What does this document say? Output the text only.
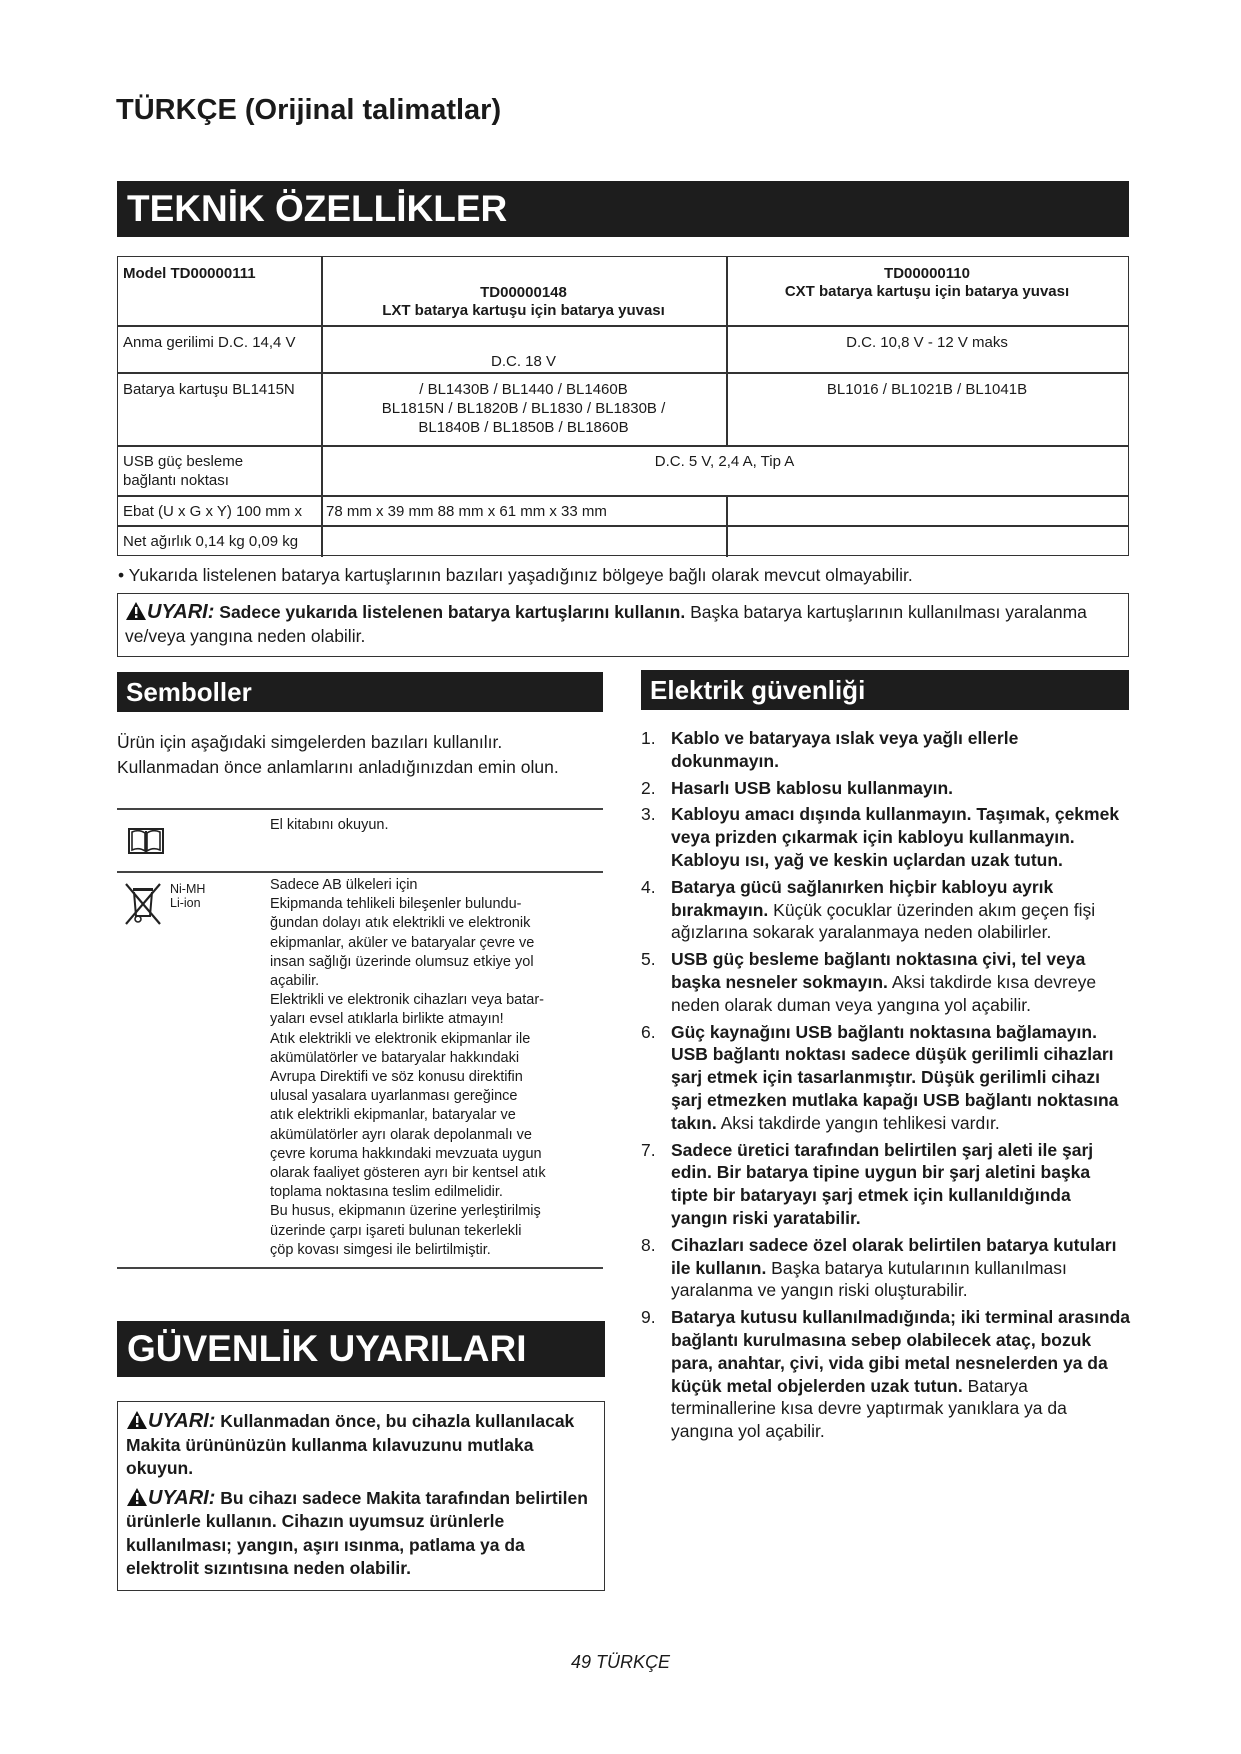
TÜRKÇE (Orijinal talimatlar)
TEKNİK ÖZELLİKLER
Model TD00000111
TD00000148
LXT batarya kartuşu için batarya yuvası
TD00000110
CXT batarya kartuşu için batarya yuvası
Anma gerilimi D.C. 14,4 V
D.C. 18 V
D.C. 10,8 V - 12 V maks
Batarya kartuşu BL1415N	/ BL1430B / BL1440 / BL1460B
BL1815N / BL1820B / BL1830 / BL1830B /
BL1840B / BL1850B / BL1860B
BL1016 / BL1021B / BL1041B
USB güç besleme
bağlantı noktası
D.C. 5 V, 2,4 A, Tip A
Ebat (U x G x Y) 100 mm x 78 mm x 39 mm 88 mm x 61 mm x 33 mm
Net ağırlık 0,14 kg 0,09 kg
• Yukarıda listelenen batarya kartuşlarının bazıları yaşadığınız bölgeye bağlı olarak mevcut olmayabilir.
UYARI: Sadece yukarıda listelenen batarya kartuşlarını kullanın. Başka batarya kartuşlarının kullanılması yaralanma ve/veya yangına neden olabilir.
Semboller
Ürün için aşağıdaki simgelerden bazıları kullanılır. Kullanmadan önce anlamlarını anladığınızdan emin olun.
El kitabını okuyun.
Ni-MH
Li-ion
Sadece AB ülkeleri için
Ekipmanda tehlikeli bileşenler bulundu-
ğundan dolayı atık elektrikli ve elektronik
ekipmanlar, aküler ve bataryalar çevre ve
insan sağlığı üzerinde olumsuz etkiye yol
açabilir.
Elektrikli ve elektronik cihazları veya batar-
yaları evsel atıklarla birlikte atmayın!
Atık elektrikli ve elektronik ekipmanlar ile
akümülatörler ve bataryalar hakkındaki
Avrupa Direktifi ve söz konusu direktifin
ulusal yasalara uyarlanması gereğince
atık elektrikli ekipmanlar, bataryalar ve
akümülatörler ayrı olarak depolanmalı ve
çevre koruma hakkındaki mevzuata uygun
olarak faaliyet gösteren ayrı bir kentsel atık
toplama noktasına teslim edilmelidir.
Bu husus, ekipmanın üzerine yerleştirilmiş
üzerinde çarpı işareti bulunan tekerlekli
çöp kovası simgesi ile belirtilmiştir.
GÜVENLİK UYARILARI

UYARI: Kullanmadan önce, bu cihazla kullanılacak Makita ürününüzün kullanma kılavuzunu mutlaka okuyun.

UYARI: Bu cihazı sadece Makita tarafından belirtilen ürünlerle kullanın. Cihazın uyumsuz ürünlerle kullanılması; yangın, aşırı ısınma, patlama ya da elektrolit sızıntısına neden olabilir.

Elektrik güvenliği
1. Kablo ve bataryaya ıslak veya yağlı ellerle dokunmayın.
2. Hasarlı USB kablosu kullanmayın.
3. Kabloyu amacı dışında kullanmayın. Taşımak, çekmek veya prizden çıkarmak için kabloyu kullanmayın. Kabloyu ısı, yağ ve keskin uçlardan uzak tutun.
4. Batarya gücü sağlanırken hiçbir kabloyu ayrık bırakmayın. Küçük çocuklar üzerinden akım geçen fişi ağızlarına sokarak yaralanmaya neden olabilirler.
5. USB güç besleme bağlantı noktasına çivi, tel veya başka nesneler sokmayın. Aksi takdirde kısa devreye neden olarak duman veya yangına yol açabilir.
6. Güç kaynağını USB bağlantı noktasına bağlamayın. USB bağlantı noktası sadece düşük gerilimli cihazları şarj etmek için tasarlanmıştır. Düşük gerilimli cihazı şarj etmezken mutlaka kapağı USB bağlantı noktasına takın. Aksi takdirde yangın tehlikesi vardır.
7. Sadece üretici tarafından belirtilen şarj aleti ile şarj edin. Bir batarya tipine uygun bir şarj aletini başka tipte bir bataryayı şarj etmek için kullanıldığında yangın riski yaratabilir.
8. Cihazları sadece özel olarak belirtilen batarya kutuları ile kullanın. Başka batarya kutularının kullanılması yaralanma ve yangın riski oluşturabilir.
9. Batarya kutusu kullanılmadığında; iki terminal arasında bağlantı kurulmasına sebep olabilecek ataç, bozuk para, anahtar, çivi, vida gibi metal nesnelerden ya da küçük metal objelerden uzak tutun. Batarya terminallerine kısa devre yaptırmak yanıklara ya da yangına yol açabilir.
49 TÜRKÇE
